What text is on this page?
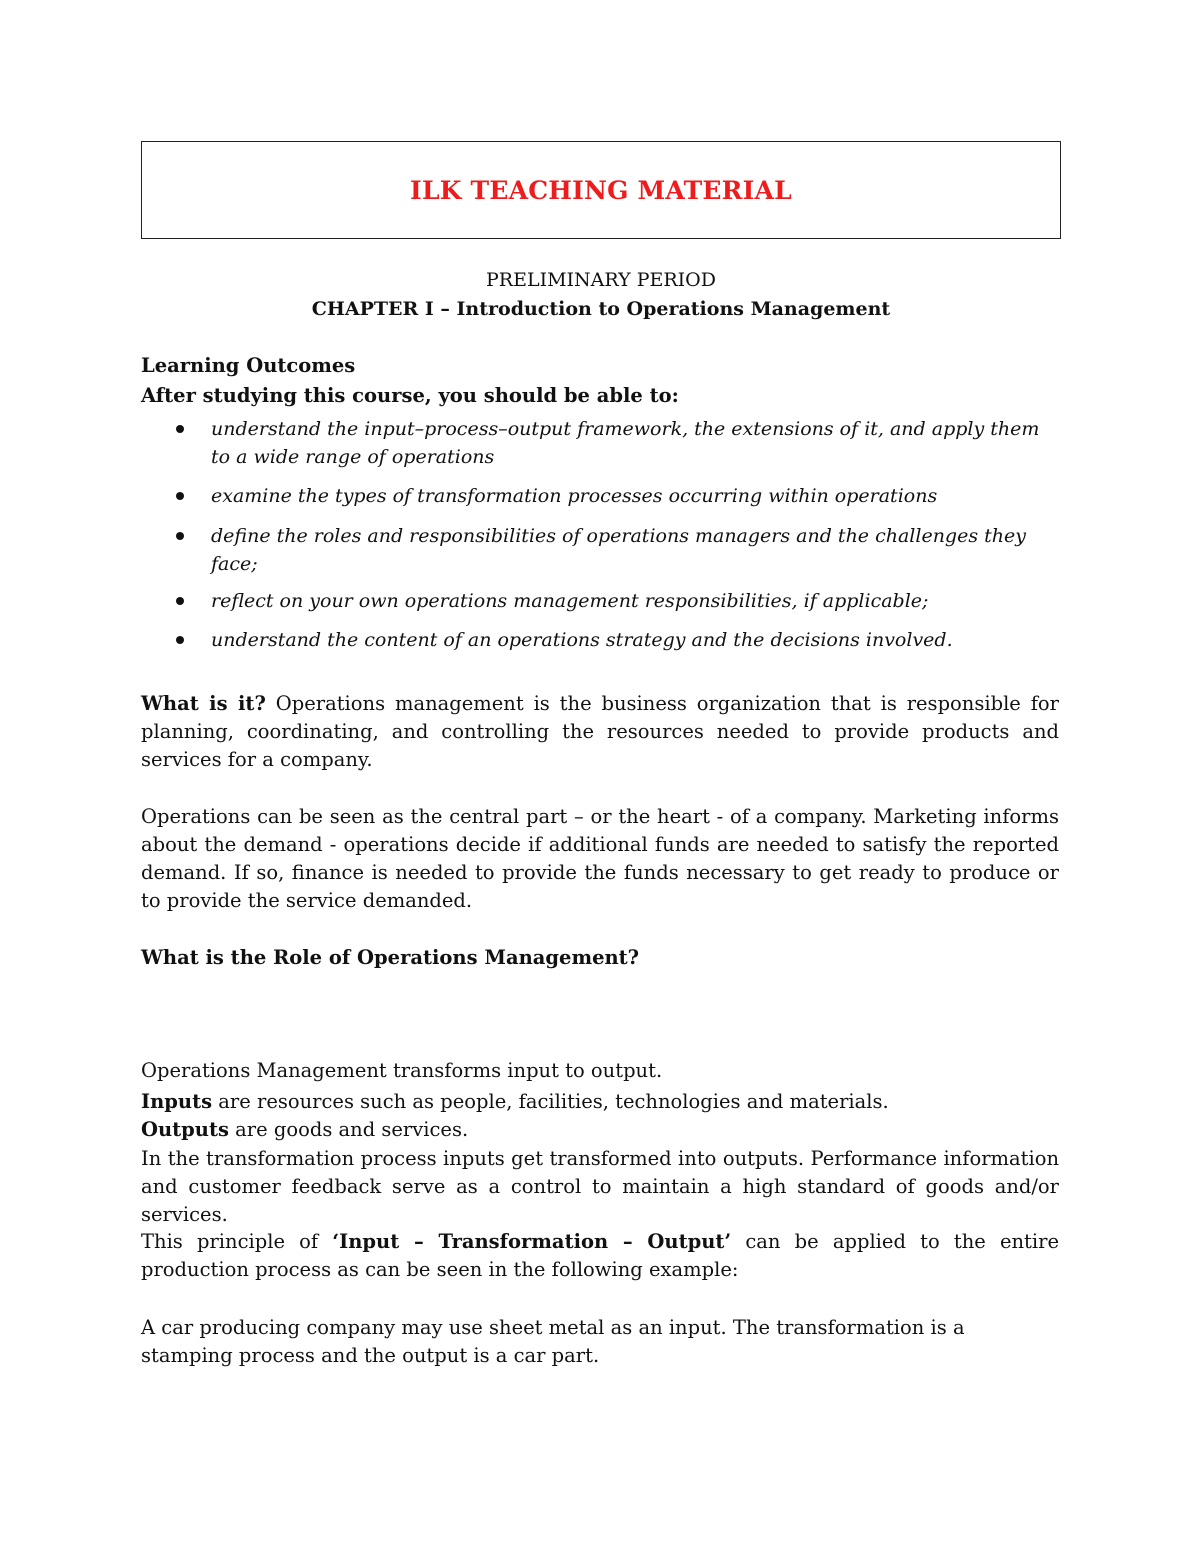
ILK TEACHING MATERIAL
PRELIMINARY PERIOD
CHAPTER I – Introduction to Operations Management
Learning Outcomes
After studying this course, you should be able to:
understand the input–process–output framework, the extensions of it, and apply them to a wide range of operations
examine the types of transformation processes occurring within operations
define the roles and responsibilities of operations managers and the challenges they face;
reflect on your own operations management responsibilities, if applicable;
understand the content of an operations strategy and the decisions involved.
What is it? Operations management is the business organization that is responsible for planning, coordinating, and controlling the resources needed to provide products and services for a company.
Operations can be seen as the central part – or the heart - of a company. Marketing informs about the demand - operations decide if additional funds are needed to satisfy the reported demand. If so, finance is needed to provide the funds necessary to get ready to produce or to provide the service demanded.
What is the Role of Operations Management?
Operations Management transforms input to output.
Inputs are resources such as people, facilities, technologies and materials.
Outputs are goods and services.
In the transformation process inputs get transformed into outputs. Performance information and customer feedback serve as a control to maintain a high standard of goods and/or services.
This principle of ‘Input – Transformation – Output’ can be applied to the entire production process as can be seen in the following example:
A car producing company may use sheet metal as an input. The transformation is a stamping process and the output is a car part.
